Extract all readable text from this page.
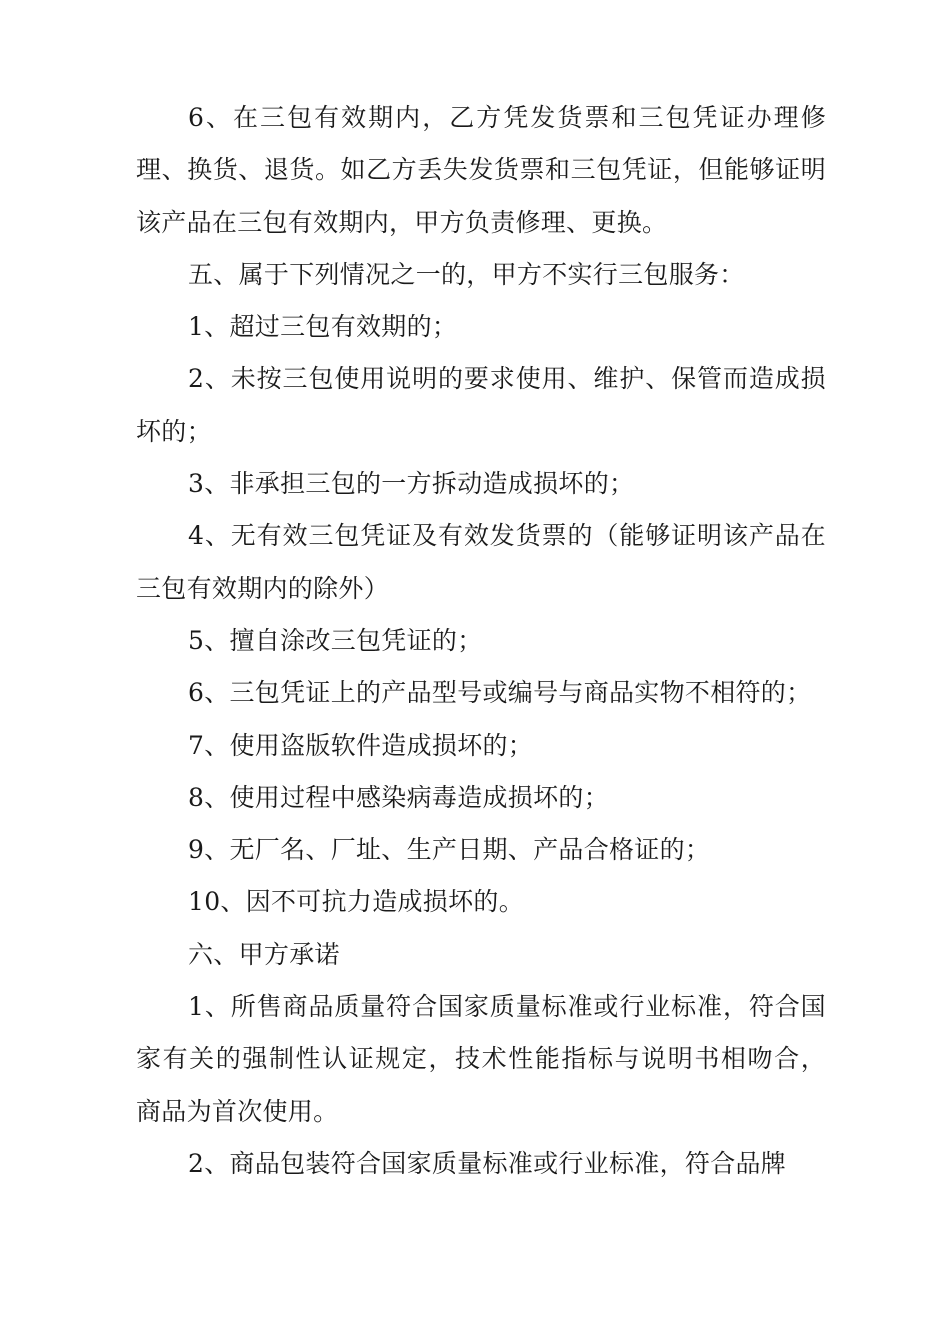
6、在三包有效期内，乙方凭发货票和三包凭证办理修理、换货、退货。如乙方丢失发货票和三包凭证，但能够证明该产品在三包有效期内，甲方负责修理、更换。

五、属于下列情况之一的，甲方不实行三包服务：

1、超过三包有效期的；

2、未按三包使用说明的要求使用、维护、保管而造成损坏的；

3、非承担三包的一方拆动造成损坏的；

4、无有效三包凭证及有效发货票的（能够证明该产品在三包有效期内的除外）

5、擅自涂改三包凭证的；

6、三包凭证上的产品型号或编号与商品实物不相符的；

7、使用盗版软件造成损坏的；

8、使用过程中感染病毒造成损坏的；

9、无厂名、厂址、生产日期、产品合格证的；

10、因不可抗力造成损坏的。

六、甲方承诺

1、所售商品质量符合国家质量标准或行业标准，符合国家有关的强制性认证规定，技术性能指标与说明书相吻合， 商品为首次使用。

2、商品包装符合国家质量标准或行业标准，符合品牌
